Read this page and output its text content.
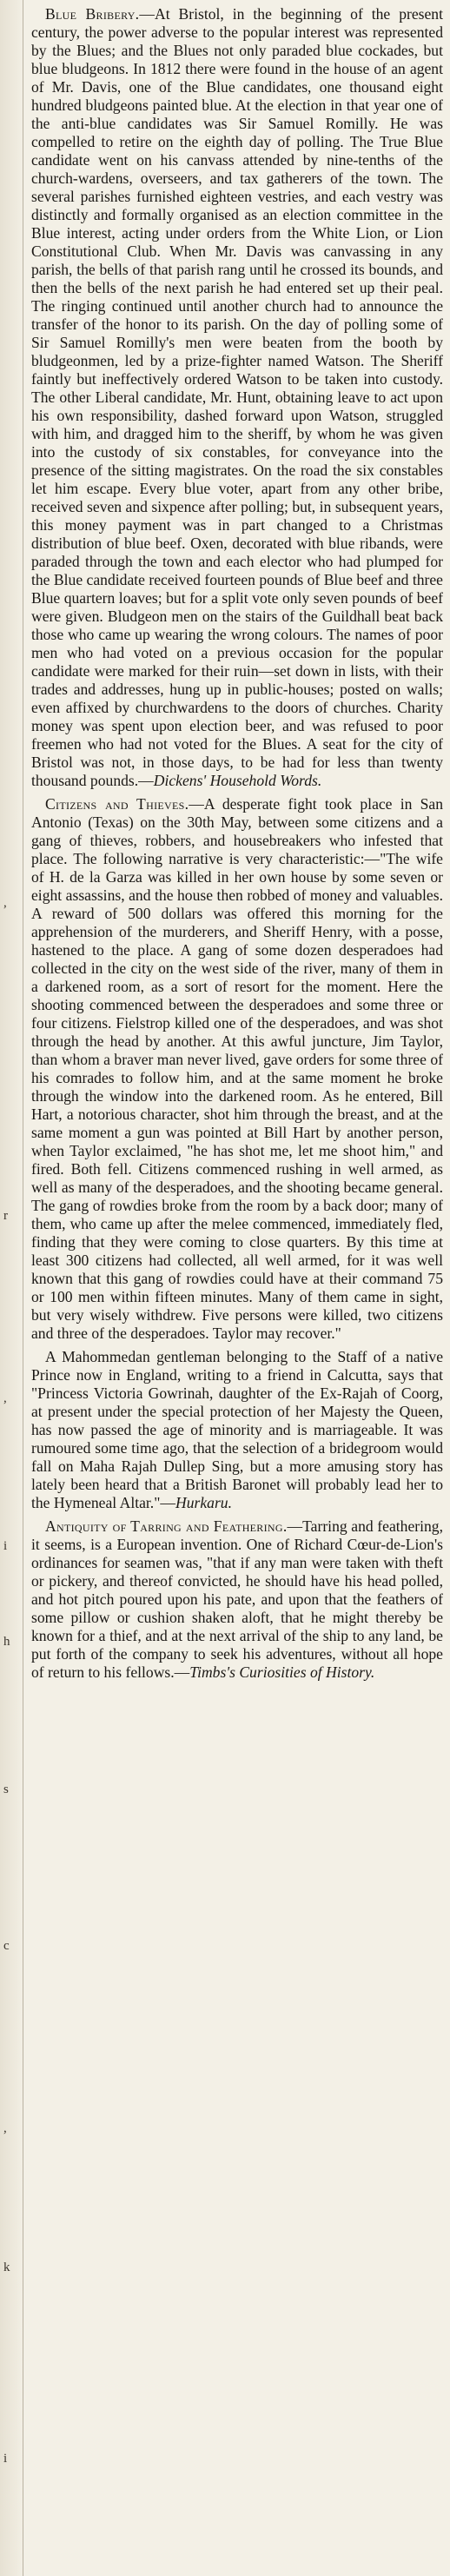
,
r
,
i
h
s
c
,
k
i

Blue Bribery.—At Bristol, in the beginning of the present century, the power adverse to the popular interest was represented by the Blues; and the Blues not only paraded blue cockades, but blue bludgeons. In 1812 there were found in the house of an agent of Mr. Davis, one of the Blue candidates, one thousand eight hundred bludgeons painted blue. At the election in that year one of the anti-blue candidates was Sir Samuel Romilly. He was compelled to retire on the eighth day of polling. The True Blue candidate went on his canvass attended by nine-tenths of the church-wardens, overseers, and tax gatherers of the town. The several parishes furnished eighteen vestries, and each vestry was distinctly and formally organised as an election committee in the Blue interest, acting under orders from the White Lion, or Lion Constitutional Club. When Mr. Davis was canvassing in any parish, the bells of that parish rang until he crossed its bounds, and then the bells of the next parish he had entered set up their peal. The ringing continued until another church had to announce the transfer of the honor to its parish. On the day of polling some of Sir Samuel Romilly's men were beaten from the booth by bludgeonmen, led by a prize-fighter named Watson. The Sheriff faintly but ineffectively ordered Watson to be taken into custody. The other Liberal candidate, Mr. Hunt, obtaining leave to act upon his own responsibility, dashed forward upon Watson, struggled with him, and dragged him to the sheriff, by whom he was given into the custody of six constables, for conveyance into the presence of the sitting magistrates. On the road the six constables let him escape. Every blue voter, apart from any other bribe, received seven and sixpence after polling; but, in subsequent years, this money payment was in part changed to a Christmas distribution of blue beef. Oxen, decorated with blue ribands, were paraded through the town and each elector who had plumped for the Blue candidate received fourteen pounds of Blue beef and three Blue quartern loaves; but for a split vote only seven pounds of beef were given. Bludgeon men on the stairs of the Guildhall beat back those who came up wearing the wrong colours. The names of poor men who had voted on a previous occasion for the popular candidate were marked for their ruin—set down in lists, with their trades and addresses, hung up in public-houses; posted on walls; even affixed by churchwardens to the doors of churches. Charity money was spent upon election beer, and was refused to poor freemen who had not voted for the Blues. A seat for the city of Bristol was not, in those days, to be had for less than twenty thousand pounds.—Dickens' Household Words.

Citizens and Thieves.—A desperate fight took place in San Antonio (Texas) on the 30th May, between some citizens and a gang of thieves, robbers, and housebreakers who infested that place. The following narrative is very characteristic:—"The wife of H. de la Garza was killed in her own house by some seven or eight assassins, and the house then robbed of money and valuables. A reward of 500 dollars was offered this morning for the apprehension of the murderers, and Sheriff Henry, with a posse, hastened to the place. A gang of some dozen desperadoes had collected in the city on the west side of the river, many of them in a darkened room, as a sort of resort for the moment. Here the shooting commenced between the desperadoes and some three or four citizens. Fielstrop killed one of the desperadoes, and was shot through the head by another. At this awful juncture, Jim Taylor, than whom a braver man never lived, gave orders for some three of his comrades to follow him, and at the same moment he broke through the window into the darkened room. As he entered, Bill Hart, a notorious character, shot him through the breast, and at the same moment a gun was pointed at Bill Hart by another person, when Taylor exclaimed, "he has shot me, let me shoot him," and fired. Both fell. Citizens commenced rushing in well armed, as well as many of the desperadoes, and the shooting became general. The gang of rowdies broke from the room by a back door; many of them, who came up after the melee commenced, immediately fled, finding that they were coming to close quarters. By this time at least 300 citizens had collected, all well armed, for it was well known that this gang of rowdies could have at their command 75 or 100 men within fifteen minutes. Many of them came in sight, but very wisely withdrew. Five persons were killed, two citizens and three of the desperadoes. Taylor may recover."

A Mahommedan gentleman belonging to the Staff of a native Prince now in England, writing to a friend in Calcutta, says that "Princess Victoria Gowrinah, daughter of the Ex-Rajah of Coorg, at present under the special protection of her Majesty the Queen, has now passed the age of minority and is marriageable. It was rumoured some time ago, that the selection of a bridegroom would fall on Maha Rajah Dullep Sing, but a more amusing story has lately been heard that a British Baronet will probably lead her to the Hymeneal Altar."—Hurkaru.

Antiquity of Tarring and Feathering.—Tarring and feathering, it seems, is a European invention. One of Richard Cœur-de-Lion's ordinances for seamen was, "that if any man were taken with theft or pickery, and thereof convicted, he should have his head polled, and hot pitch poured upon his pate, and upon that the feathers of some pillow or cushion shaken aloft, that he might thereby be known for a thief, and at the next arrival of the ship to any land, be put forth of the company to seek his adventures, without all hope of return to his fellows.—Timbs's Curiosities of History.
